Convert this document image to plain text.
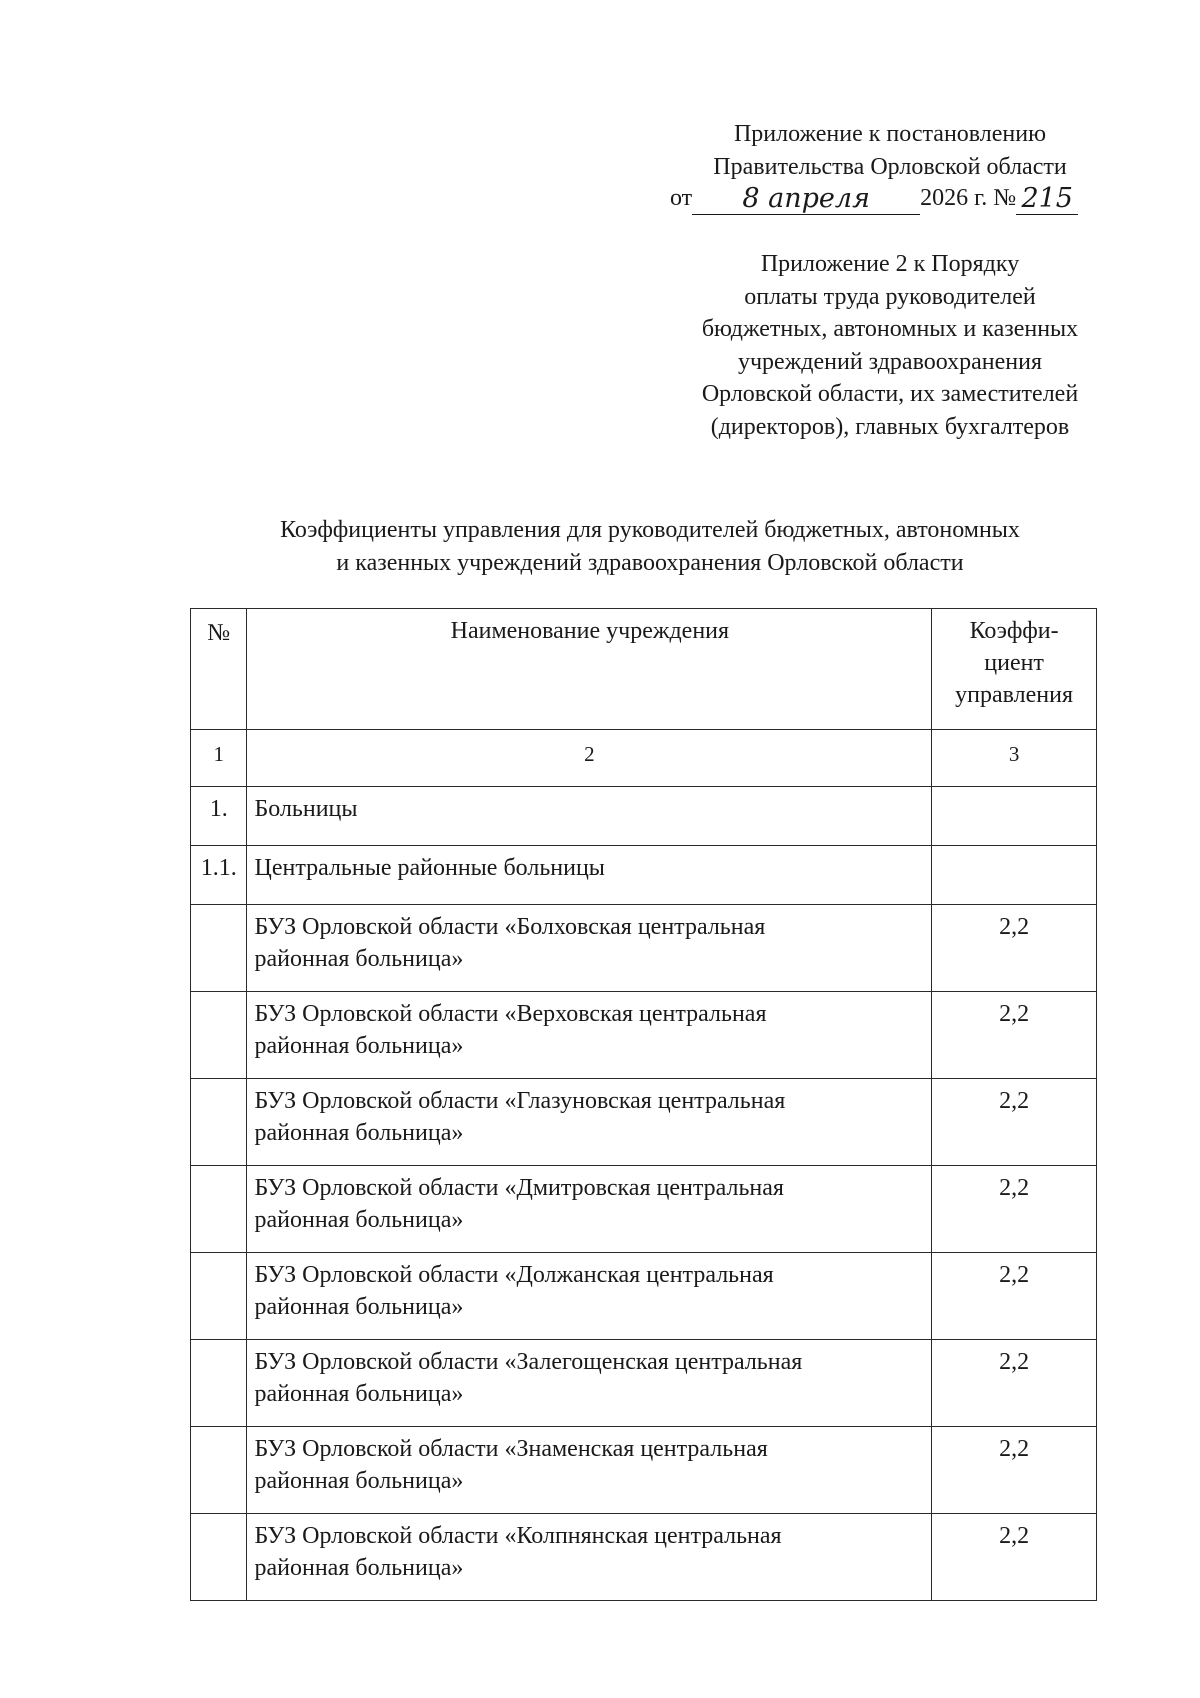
Приложение к постановлению
Правительства Орловской области
от 8 апреля 2026 г. № 215
Приложение 2 к Порядку
оплаты труда руководителей
бюджетных, автономных и казенных
учреждений здравоохранения
Орловской области, их заместителей
(директоров), главных бухгалтеров
Коэффициенты управления для руководителей бюджетных, автономных
и казенных учреждений здравоохранения Орловской области
№	Наименование учреждения	Коэффи-
циент
управления

1	2	3
1.	Больницы	
1.1.	Центральные районные больницы	

	БУЗ Орловской области «Болховская центральная
районная больница»	2,2

	БУЗ Орловской области «Верховская центральная
районная больница»	2,2

	БУЗ Орловской области «Глазуновская центральная
районная больница»	2,2

	БУЗ Орловской области «Дмитровская центральная
районная больница»	2,2

	БУЗ Орловской области «Должанская центральная
районная больница»	2,2

	БУЗ Орловской области «Залегощенская центральная
районная больница»	2,2

	БУЗ Орловской области «Знаменская центральная
районная больница»	2,2

	БУЗ Орловской области «Колпнянская центральная
районная больница»	2,2
